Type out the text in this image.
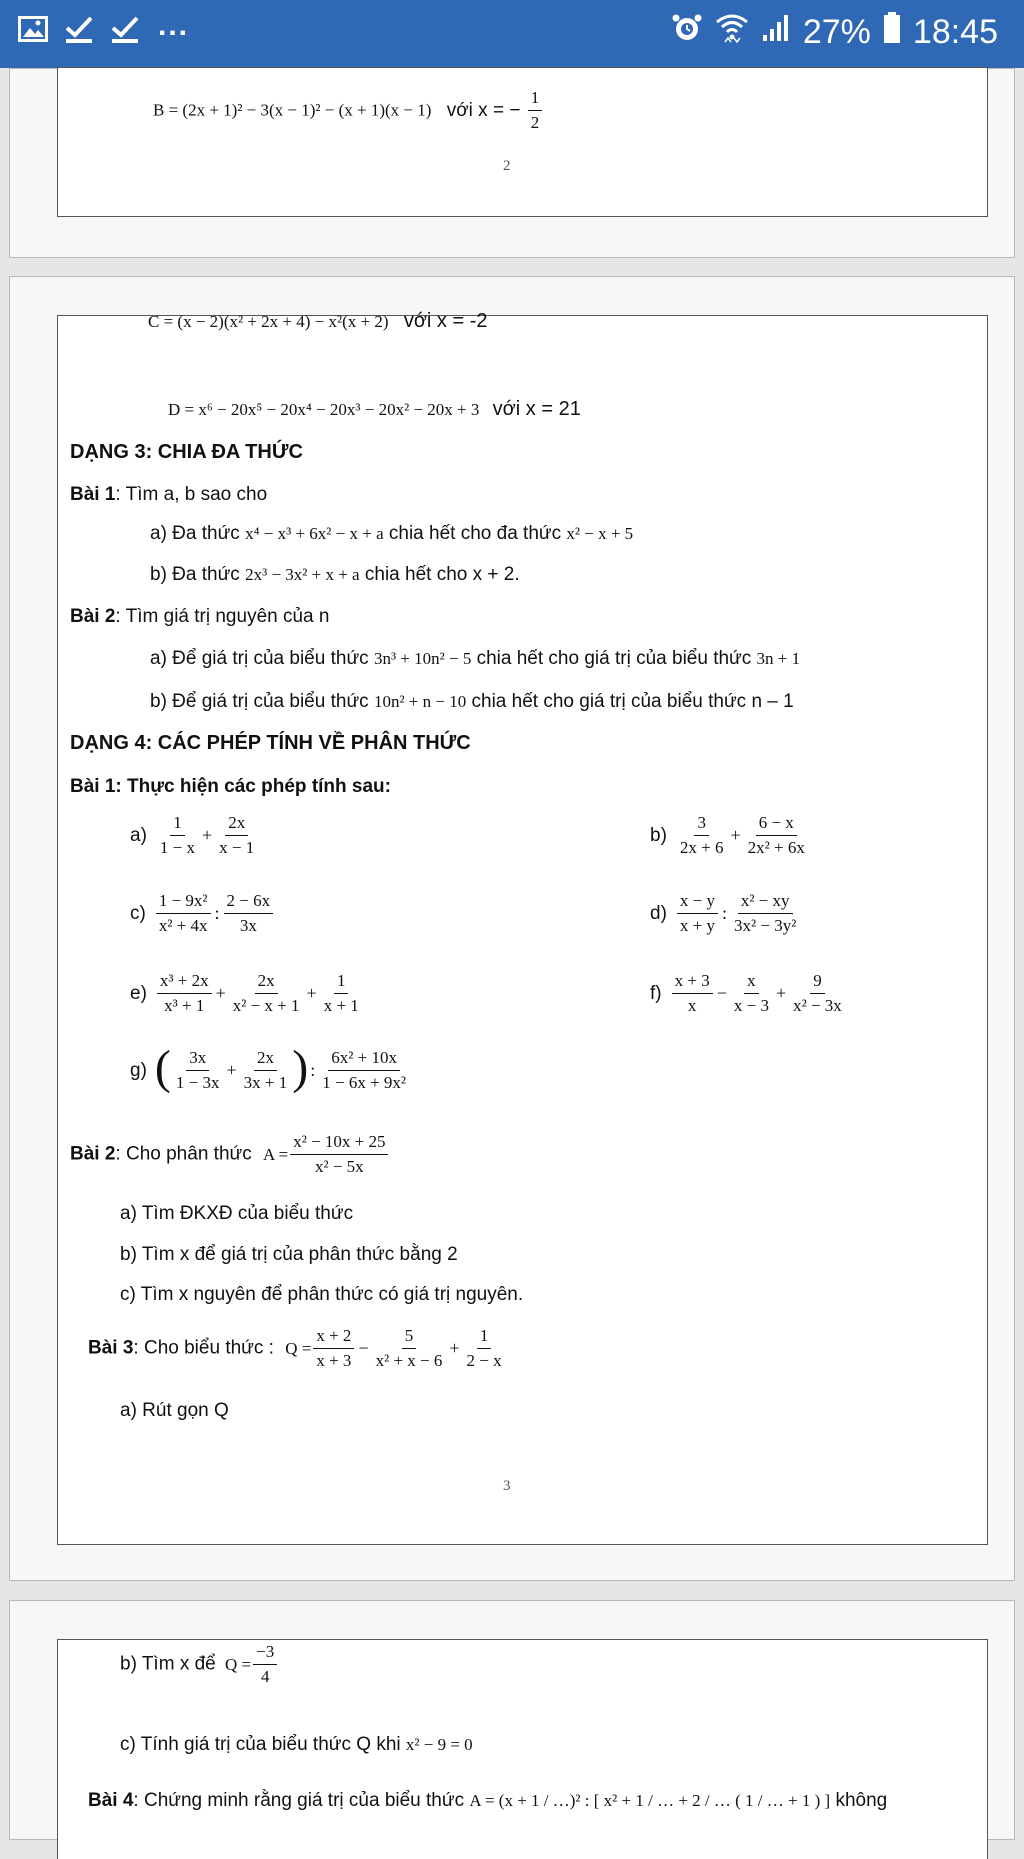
...	27% 18:45
B = (2x + 1)² − 3(x − 1)² − (x + 1)(x − 1) với x = − $\frac{1}{2}$
2
C = (x − 2)(x² + 2x + 4) − x²(x + 2) với x = -2
D = x⁶ − 20x⁵ − 20x⁴ − 20x³ − 20x² − 20x + 3 với x = 21
DẠNG 3: CHIA ĐA THỨC
Bài 1: Tìm a, b sao cho
a) Đa thức x⁴ − x³ + 6x² − x + a chia hết cho đa thức x² − x + 5
b) Đa thức 2x³ − 3x² + x + a chia hết cho x + 2.
Bài 2: Tìm giá trị nguyên của n
a) Để giá trị của biểu thức 3n³ + 10n² − 5 chia hết cho giá trị của biểu thức 3n + 1
b) Để giá trị của biểu thức 10n² + n − 10 chia hết cho giá trị của biểu thức n – 1
DẠNG 4: CÁC PHÉP TÍNH VỀ PHÂN THỨC
Bài 1: Thực hiện các phép tính sau:
$a) \frac{1}{1 - x} + \frac{2x}{x - 1}$	$b) \frac{3}{2x + 6} + \frac{6 - x}{\text{2x² + 6x}}$
$c) \frac{\text{1 − 9x²}}{\text{x² + 4x}}$ : $\frac{2 - 6x}{3x}$	$d) \frac{x - y}{x + y}$ : $\frac{\text{x² − xy}}{\text{3x² − 3y²}}$
$e) \frac{\text{x³ + 2x}}{\text{x³ + 1}} + \frac{2x}{\text{x² − x + 1}} + \frac{1}{x + 1}$	$f) \frac{x + 3}{x} - \frac{x}{x - 3} + \frac{9}{\text{x² − 3x}}$
g) ( $\frac{3x}{1 - 3x} + \frac{2x}{3x + 1}$ ) : $\frac{\text{6x² + 10x}}{\text{1 − 6x + 9x²}}$
Bài 2: Cho phân thức $A = \frac{\text{x² − 10x + 25}}{\text{x² − 5x}}$
a) Tìm ĐKXĐ của biểu thức
b) Tìm x để giá trị của phân thức bằng 2
c) Tìm x nguyên để phân thức có giá trị nguyên.
Bài 3: Cho biểu thức : $Q = \frac{x + 2}{x + 3} - \frac{5}{\text{x² + x − 6}} + \frac{1}{2 - x}$
a) Rút gọn Q
3
b) Tìm x để $Q = \frac{-3}{4}$
c) Tính giá trị của biểu thức Q khi x² − 9 = 0
Bài 4: Chứng minh rằng giá trị của biểu thức A = (x + 1 / …)² : [ x² + 1 / … + 2 / … ( 1 / … + 1 ) ] không
